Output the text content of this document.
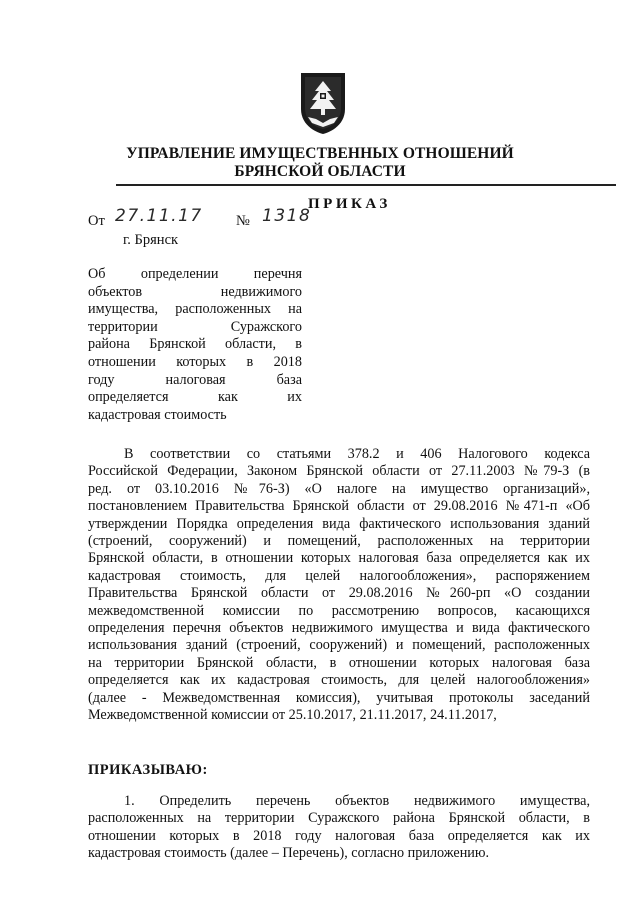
УПРАВЛЕНИЕ ИМУЩЕСТВЕННЫХ ОТНОШЕНИЙ
БРЯНСКОЙ ОБЛАСТИ
ПРИКАЗ
От 27.11.17 № 1318
г. Брянск
Об определении перечня
объектов недвижимого
имущества, расположенных на
территории Суражского
района Брянской области, в
отношении которых в 2018
году налоговая база
определяется как их
кадастровая стоимость
В соответствии со статьями 378.2 и 406 Налогового кодекса
Российской Федерации, Законом Брянской области от 27.11.2003 №79-З (в
ред. от 03.10.2016 №76-З) «О налоге на имущество организаций»,
постановлением Правительства Брянской области от 29.08.2016 №471-п «Об
утверждении Порядка определения вида фактического использования зданий
(строений, сооружений) и помещений, расположенных на территории
Брянской области, в отношении которых налоговая база определяется как их
кадастровая стоимость, для целей налогообложения», распоряжением
Правительства Брянской области от 29.08.2016 №260-рп «О создании
межведомственной комиссии по рассмотрению вопросов, касающихся
определения перечня объектов недвижимого имущества и вида фактического
использования зданий (строений, сооружений) и помещений, расположенных
на территории Брянской области, в отношении которых налоговая база
определяется как их кадастровая стоимость, для целей налогообложения»
(далее - Межведомственная комиссия), учитывая протоколы заседаний
Межведомственной комиссии от 25.10.2017, 21.11.2017, 24.11.2017,
ПРИКАЗЫВАЮ:
1. Определить перечень объектов недвижимого имущества,
расположенных на территории Суражского района Брянской области, в
отношении которых в 2018 году налоговая база определяется как их
кадастровая стоимость (далее – Перечень), согласно приложению.
